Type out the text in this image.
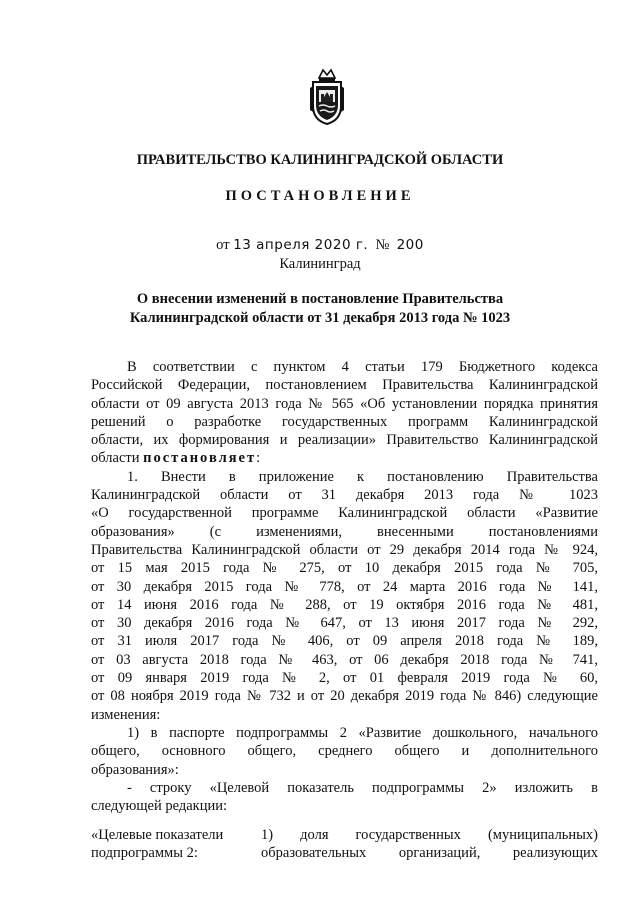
ПРАВИТЕЛЬСТВО КАЛИНИНГРАДСКОЙ ОБЛАСТИ
ПОСТАНОВЛЕНИЕ
от 13 апреля 2020 г. № 200
Калининград
О внесении изменений в постановление Правительства
Калининградской области от 31 декабря 2013 года № 1023

В соответствии с пунктом 4 статьи 179 Бюджетного кодекса

Российской Федерации, постановлением Правительства Калининградской

области от 09 августа 2013 года № 565 «Об установлении порядка принятия

решений о разработке государственных программ Калининградской

области, их формирования и реализации» Правительство Калининградской

области постановляет:

1. Внести в приложение к постановлению Правительства

Калининградской области от 31 декабря 2013 года № 1023

«О государственной программе Калининградской области «Развитие

образования» (с изменениями, внесенными постановлениями

Правительства Калининградской области от 29 декабря 2014 года № 924,

от 15 мая 2015 года № 275, от 10 декабря 2015 года № 705,

от 30 декабря 2015 года № 778, от 24 марта 2016 года № 141,

от 14 июня 2016 года № 288, от 19 октября 2016 года № 481,

от 30 декабря 2016 года № 647, от 13 июня 2017 года № 292,

от 31 июля 2017 года № 406, от 09 апреля 2018 года № 189,

от 03 августа 2018 года № 463, от 06 декабря 2018 года № 741,

от 09 января 2019 года № 2, от 01 февраля 2019 года № 60,

от 08 ноября 2019 года № 732 и от 20 декабря 2019 года № 846) следующие

изменения:

1) в паспорте подпрограммы 2 «Развитие дошкольного, начального

общего, основного общего, среднего общего и дополнительного

образования»:

- строку «Целевой показатель подпрограммы 2» изложить в

следующей редакции:

«Целевые показатели
подпрограммы 2:
1) доля государственных (муниципальных)
образовательных организаций, реализующих
